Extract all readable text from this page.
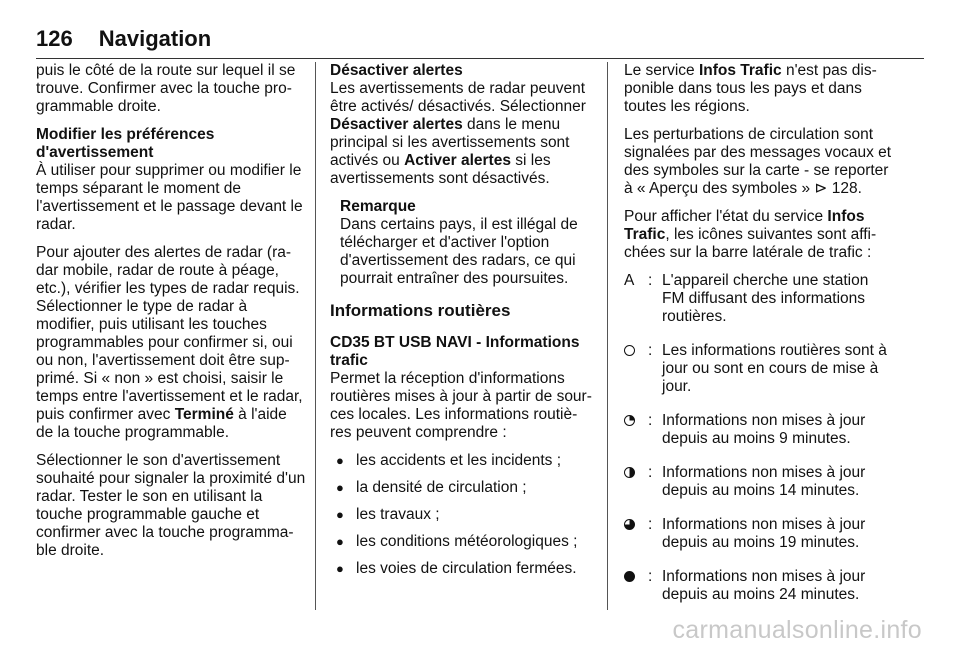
126 Navigation

puis le côté de la route sur lequel il se trouve. Confirmer avec la touche programmable droite.

Modifier les préférences
d'avertissement

À utiliser pour supprimer ou modifier le temps séparant le moment de l'avertissement et le passage devant le radar.

Pour ajouter des alertes de radar (radar mobile, radar de route à péage, etc.), vérifier les types de radar requis. Sélectionner le type de radar à modifier, puis utilisant les touches programmables pour confirmer si, oui ou non, l'avertissement doit être supprimé. Si « non » est choisi, saisir le temps entre l'avertissement et le radar, puis confirmer avec Terminé à l'aide de la touche programmable.

Sélectionner le son d'avertissement souhaité pour signaler la proximité d'un radar. Tester le son en utilisant la touche programmable gauche et confirmer avec la touche programmable droite.

Désactiver alertes

Les avertissements de radar peuvent être activés/ désactivés. Sélectionner Désactiver alertes dans le menu principal si les avertissements sont activés ou Activer alertes si les avertissements sont désactivés.

Remarque
Dans certains pays, il est illégal de télécharger et d'activer l'option d'avertissement des radars, ce qui pourrait entraîner des poursuites.
Informations routières
CD35 BT USB NAVI - Informations trafic

Permet la réception d'informations routières mises à jour à partir de sources locales. Les informations routières peuvent comprendre :

● les accidents et les incidents ;
● la densité de circulation ;
● les travaux ;
● les conditions météorologiques ;
● les voies de circulation fermées.

Le service Infos Trafic n'est pas disponible dans tous les pays et dans toutes les régions.

Les perturbations de circulation sont signalées par des messages vocaux et des symboles sur la carte - se reporter à « Aperçu des symboles » ⊳ 128.

Pour afficher l'état du service Infos Trafic, les icônes suivantes sont affichées sur la barre latérale de trafic :

A : L'appareil cherche une station FM diffusant des informations routières.
: Les informations routières sont à jour ou sont en cours de mise à jour.
: Informations non mises à jour depuis au moins 9 minutes.
: Informations non mises à jour depuis au moins 14 minutes.
: Informations non mises à jour depuis au moins 19 minutes.
: Informations non mises à jour depuis au moins 24 minutes.
carmanualsonline.info
